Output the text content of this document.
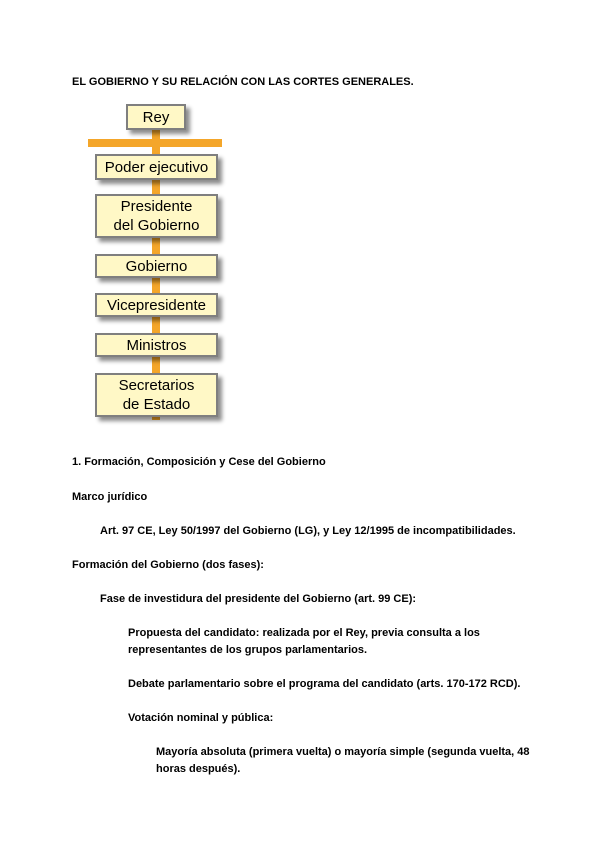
EL GOBIERNO Y SU RELACIÓN CON LAS CORTES GENERALES.
Rey
Poder ejecutivo
Presidente
del Gobierno
Gobierno
Vicepresidente
Ministros
Secretarios
de Estado
1. Formación, Composición y Cese del Gobierno
Marco jurídico
Art. 97 CE, Ley 50/1997 del Gobierno (LG), y Ley 12/1995 de incompatibilidades.
Formación del Gobierno (dos fases):
Fase de investidura del presidente del Gobierno (art. 99 CE):
Propuesta del candidato: realizada por el Rey, previa consulta a los
representantes de los grupos parlamentarios.
Debate parlamentario sobre el programa del candidato (arts. 170-172 RCD).
Votación nominal y pública:
Mayoría absoluta (primera vuelta) o mayoría simple (segunda vuelta, 48
horas después).
